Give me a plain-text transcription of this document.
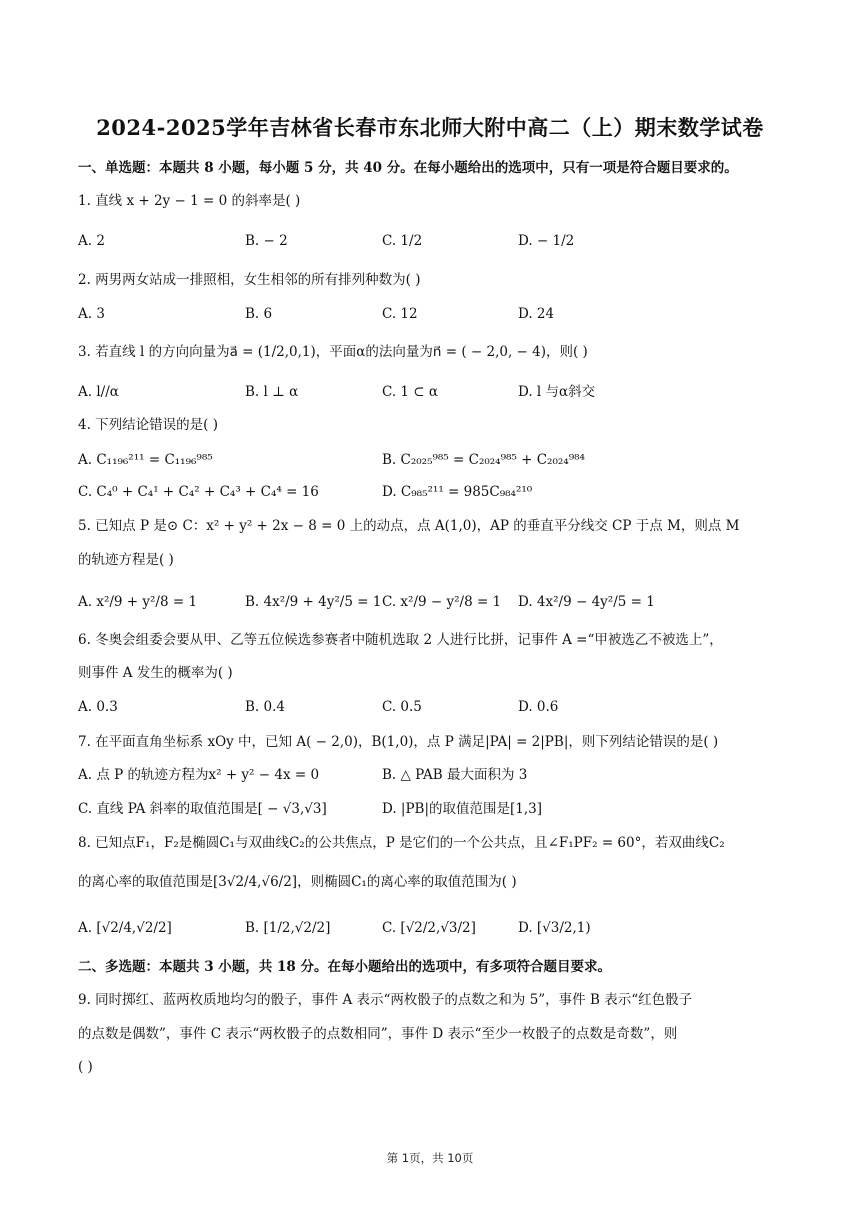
2024-2025学年吉林省长春市东北师大附中高二（上）期末数学试卷
一、单选题：本题共 8 小题，每小题 5 分，共 40 分。在每小题给出的选项中，只有一项是符合题目要求的。
1. 直线 x + 2y − 1 = 0 的斜率是( )
A. 2	B. − 2	C. 1/2	D. − 1/2
2. 两男两女站成一排照相，女生相邻的所有排列种数为( )
A. 3	B. 6	C. 12	D. 24
3. 若直线 l 的方向向量为a⃗ = (1/2,0,1)，平面α的法向量为n⃗ = ( − 2,0, − 4)，则( )
A. l//α	B. l ⊥ α	C. 1 ⊂ α	D. l 与α斜交
4. 下列结论错误的是( )
A. C₁₁₉₆²¹¹ = C₁₁₉₆⁹⁸⁵	B. C₂₀₂₅⁹⁸⁵ = C₂₀₂₄⁹⁸⁵ + C₂₀₂₄⁹⁸⁴
C. C₄⁰ + C₄¹ + C₄² + C₄³ + C₄⁴ = 16	D. C₉₈₅²¹¹ = 985C₉₈₄²¹⁰
5. 已知点 P 是⊙ C：x² + y² + 2x − 8 = 0 上的动点，点 A(1,0)，AP 的垂直平分线交 CP 于点 M，则点 M
的轨迹方程是( )
A. x²/9 + y²/8 = 1	B. 4x²/9 + 4y²/5 = 1 C. x²/9 − y²/8 = 1 D. 4x²/9 − 4y²/5 = 1
6. 冬奥会组委会要从甲、乙等五位候选参赛者中随机选取 2 人进行比拼，记事件 A =“甲被选乙不被选上”，
则事件 A 发生的概率为( )
A. 0.3	B. 0.4	C. 0.5	D. 0.6
7. 在平面直角坐标系 xOy 中，已知 A( − 2,0)，B(1,0)，点 P 满足|PA| = 2|PB|，则下列结论错误的是( )
A. 点 P 的轨迹方程为x² + y² − 4x = 0	B. △ PAB 最大面积为 3
C. 直线 PA 斜率的取值范围是[ − √3,√3]	D. |PB|的取值范围是[1,3]
8. 已知点F₁，F₂是椭圆C₁与双曲线C₂的公共焦点，P 是它们的一个公共点，且∠F₁PF₂ = 60°，若双曲线C₂
的离心率的取值范围是[3√2/4,√6/2]，则椭圆C₁的离心率的取值范围为( )
A. [√2/4,√2/2]	B. [1/2,√2/2]	C. [√2/2,√3/2]	D. [√3/2,1)
二、多选题：本题共 3 小题，共 18 分。在每小题给出的选项中，有多项符合题目要求。
9. 同时掷红、蓝两枚质地均匀的骰子，事件 A 表示“两枚骰子的点数之和为 5”，事件 B 表示“红色骰子
的点数是偶数”，事件 C 表示“两枚骰子的点数相同”，事件 D 表示“至少一枚骰子的点数是奇数”，则
( )
第 1页，共 10页
